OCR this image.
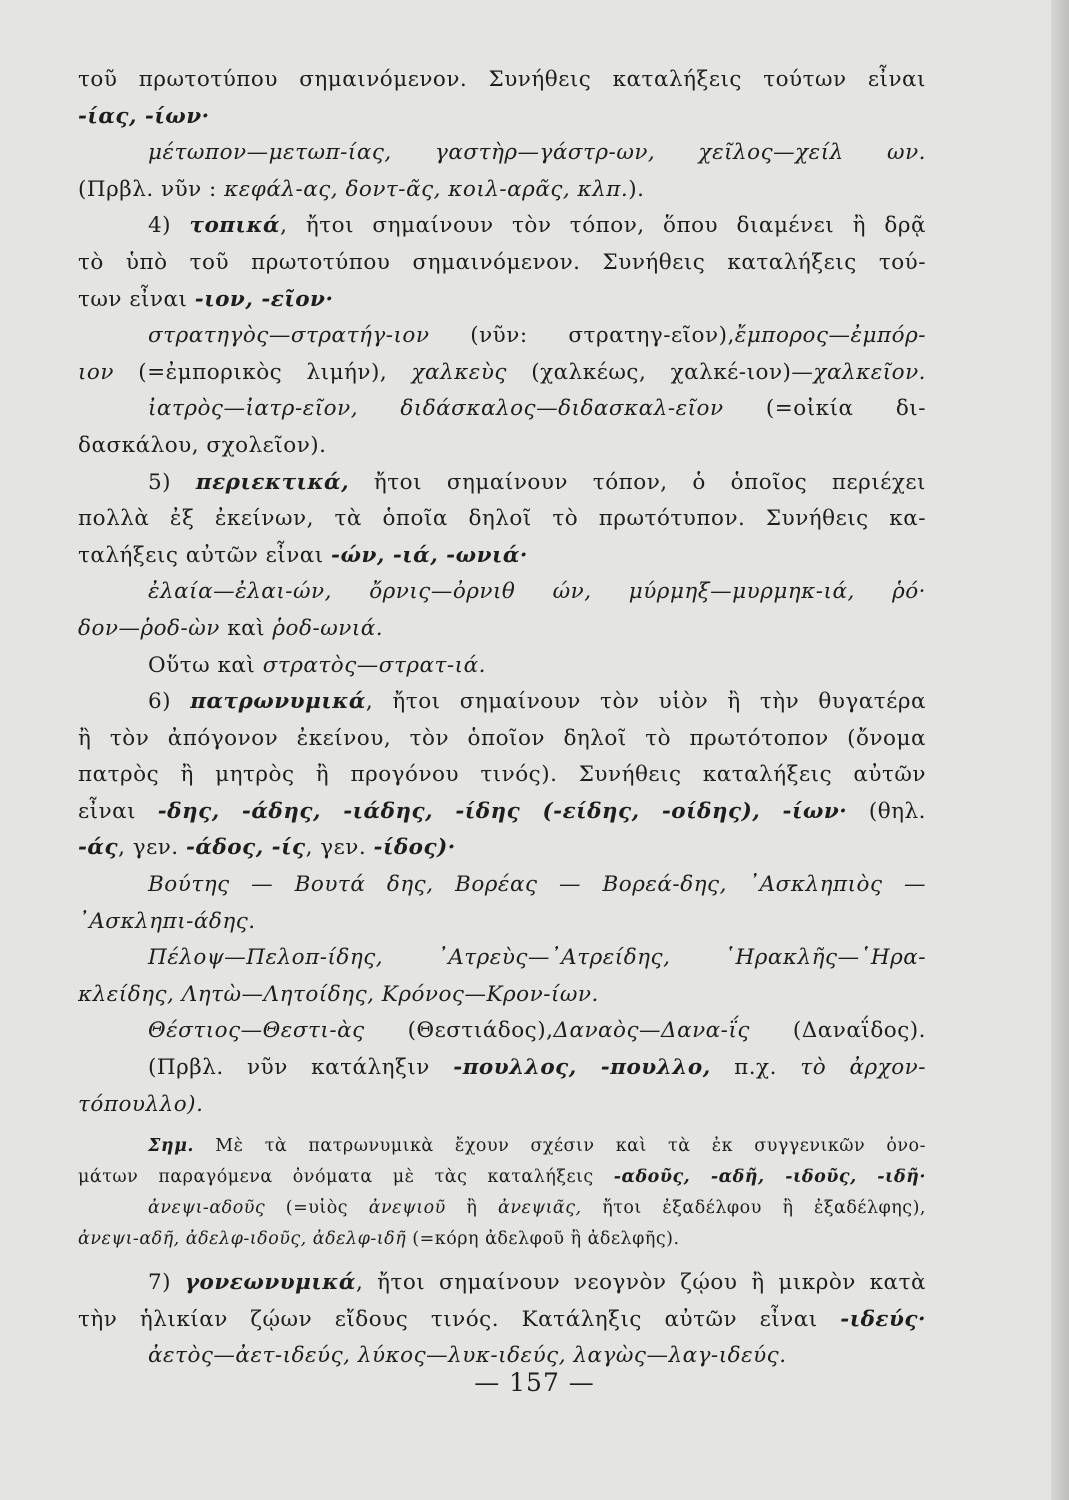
τοῦ πρωτοτύπου σημαινόμενον. Συνήθεις καταλήξεις τούτων εἶναι
-ίας, -ίων·
μέτωπον—μετωπ-ίας, γαστὴρ—γάστρ-ων, χεῖλος—χείλ ων.
(Πρβλ. νῦν : κεφάλ-ας, δοντ-ᾶς, κοιλ-αρᾶς, κλπ.).
4) τοπικά, ἤτοι σημαίνουν τὸν τόπον, ὅπου διαμένει ἢ δρᾷ
τὸ ὑπὸ τοῦ πρωτοτύπου σημαινόμενον. Συνήθεις καταλήξεις τού-
των εἶναι -ιον, -εῖον·
στρατηγὸς—στρατήγ-ιον (νῦν: στρατηγ-εῖον),ἔμπορος—ἐμπόρ-
ιον (=ἐμπορικὸς λιμήν), χαλκεὺς (χαλκέως, χαλκέ-ιον)—χαλκεῖον.
ἰατρὸς—ἰατρ-εῖον, διδάσκαλος—διδασκαλ-εῖον (=οἰκία δι-
δασκάλου, σχολεῖον).
5) περιεκτικά, ἤτοι σημαίνουν τόπον, ὁ ὁποῖος περιέχει
πολλὰ ἐξ ἐκείνων, τὰ ὁποῖα δηλοῖ τὸ πρωτότυπον. Συνήθεις κα-
ταλήξεις αὐτῶν εἶναι -ών, -ιά, -ωνιά·
ἐλαία—ἐλαι-ών, ὄρνις—ὀρνιθ ών, μύρμηξ—μυρμηκ-ιά, ῥό·
δον—ῥοδ-ὼν καὶ ῥοδ-ωνιά.
Οὕτω καὶ στρατὸς—στρατ-ιά.
6) πατρωνυμικά, ἤτοι σημαίνουν τὸν υἱὸν ἢ τὴν θυγατέρα
ἢ τὸν ἀπόγονον ἐκείνου, τὸν ὁποῖον δηλοῖ τὸ πρωτότοπον (ὄνομα
πατρὸς ἢ μητρὸς ἢ προγόνου τινός). Συνήθεις καταλήξεις αὐτῶν
εἶναι -δης, -άδης, -ιάδης, -ίδης (-είδης, -οίδης), -ίων· (θηλ.
-άς, γεν. -άδος, -ίς, γεν. -ίδος)·
Βούτης — Βουτά δης, Βορέας — Βορεά-δης, ᾿Ασκληπιὸς —
᾿Ασκληπι-άδης.
Πέλοψ—Πελοπ-ίδης, ᾿Ατρεὺς—᾿Ατρείδης, ῾Ηρακλῆς—῾Ηρα-
κλείδης, Λητὼ—Λητοίδης, Κρόνος—Κρον-ίων.
Θέστιος—Θεστι-ὰς (Θεστιάδος),Δαναὸς—Δανα-ΐς (Δαναΐδος).
(Πρβλ. νῦν κατάληξιν -πουλλος, -πουλλο, π.χ. τὸ ἀρχον-
τόπουλλο).
Σημ. Μὲ τὰ πατρωνυμικὰ ἔχουν σχέσιν καὶ τὰ ἐκ συγγενικῶν ὀνο-
μάτων παραγόμενα ὀνόματα μὲ τὰς καταλήξεις -αδοῦς, -αδῆ, -ιδοῦς, -ιδῆ·
ἀνεψι-αδοῦς (=υἱὸς ἀνεψιοῦ ἢ ἀνεψιᾶς, ἤτοι ἐξαδέλφου ἢ ἐξαδέλφης),
ἀνεψι-αδῆ, ἀδελφ-ιδοῦς, ἀδελφ-ιδῆ (=κόρη ἀδελφοῦ ἢ ἀδελφῆς).
7) γονεωνυμικά, ἤτοι σημαίνουν νεογνὸν ζῴου ἢ μικρὸν κατὰ
τὴν ἡλικίαν ζῴων εἴδους τινός. Κατάληξις αὐτῶν εἶναι -ιδεύς·
ἀετὸς—ἀετ-ιδεύς, λύκος—λυκ-ιδεύς, λαγὼς—λαγ-ιδεύς.
— 157 —
